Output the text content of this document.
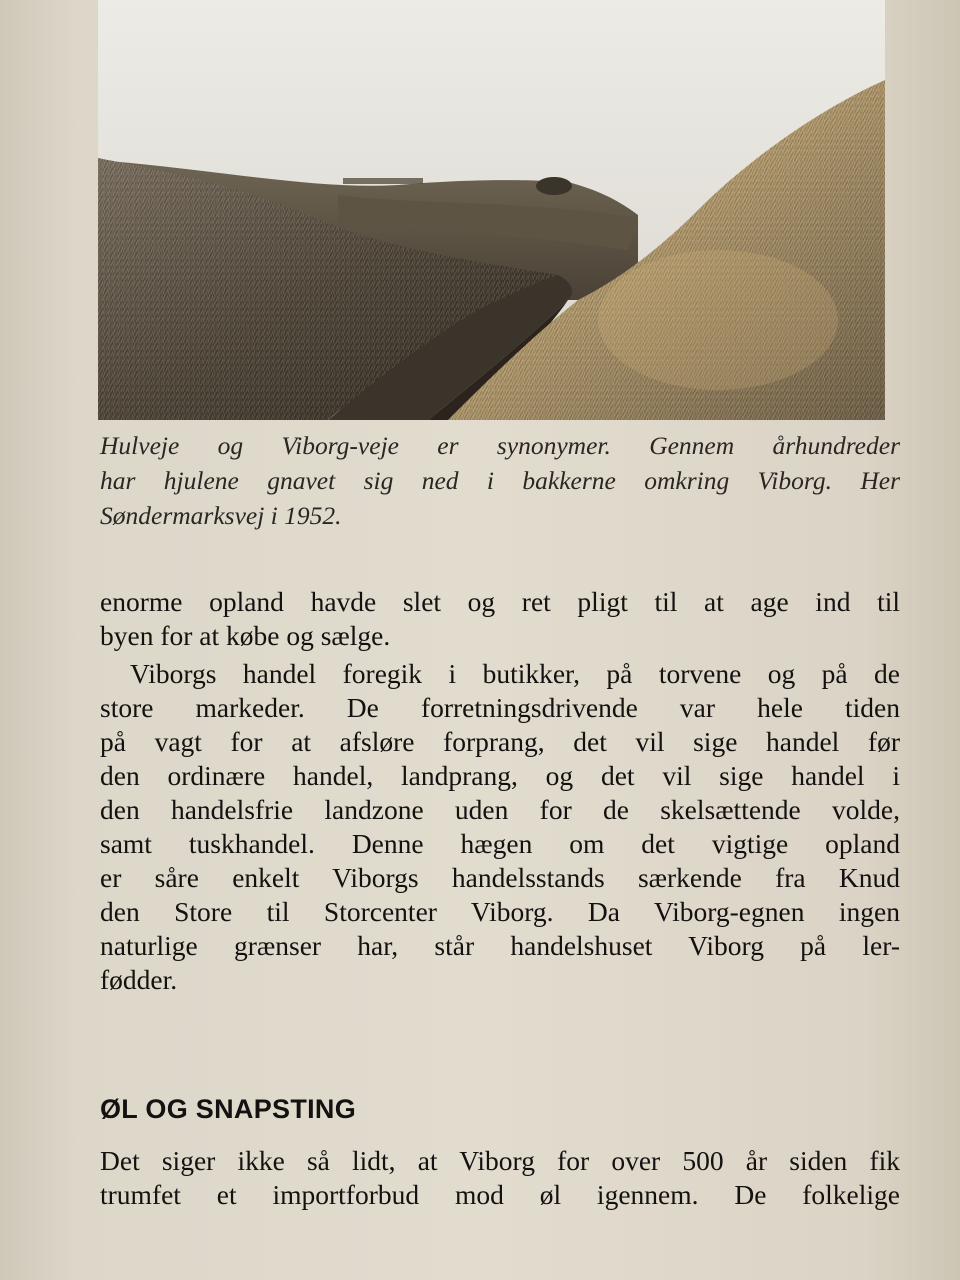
Hulveje og Viborg-veje er synonymer. Gennem århundreder
har hjulene gnavet sig ned i bakkerne omkring Viborg. Her
Søndermarksvej i 1952.
enorme opland havde slet og ret pligt til at age ind til
byen for at købe og sælge.
Viborgs handel foregik i butikker, på torvene og på de
store markeder. De forretningsdrivende var hele tiden
på vagt for at afsløre forprang, det vil sige handel før
den ordinære handel, landprang, og det vil sige handel i
den handelsfrie landzone uden for de skelsættende volde,
samt tuskhandel. Denne hægen om det vigtige opland
er såre enkelt Viborgs handelsstands særkende fra Knud
den Store til Storcenter Viborg. Da Viborg-egnen ingen
naturlige grænser har, står handelshuset Viborg på ler-
fødder.
ØL OG SNAPSTING
Det siger ikke så lidt, at Viborg for over 500 år siden fik
trumfet et importforbud mod øl igennem. De folkelige
